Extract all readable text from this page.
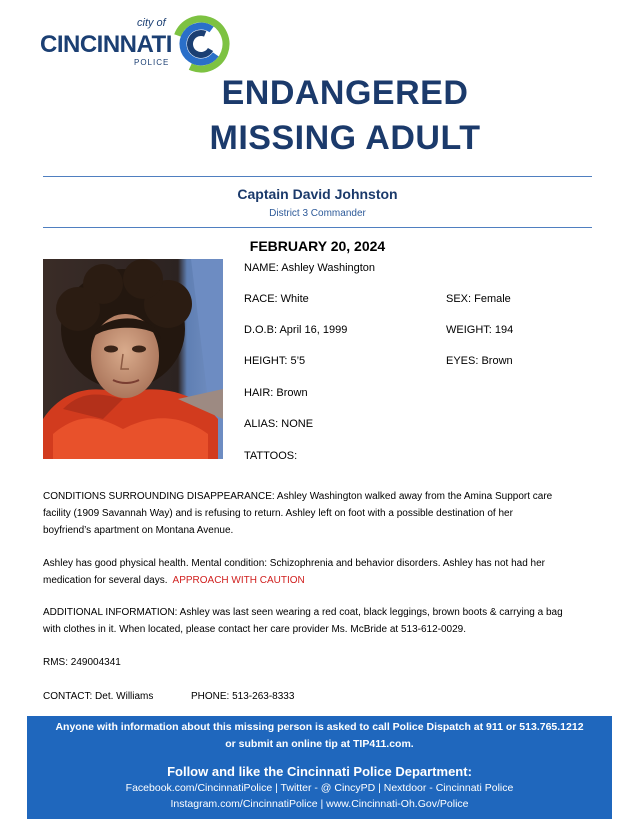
city of
CINCINNATI
POLICE
ENDANGERED
MISSING ADULT
Captain David Johnston
District 3 Commander
FEBRUARY 20, 2024
NAME: Ashley Washington
RACE: White	SEX: Female
D.O.B: April 16, 1999	WEIGHT: 194
HEIGHT: 5’5	EYES: Brown
HAIR: Brown
ALIAS: NONE
TATTOOS:
CONDITIONS SURROUNDING DISAPPEARANCE: Ashley Washington walked away from the Amina Support care
facility (1909 Savannah Way) and is refusing to return. Ashley left on foot with a possible destination of her
boyfriend’s apartment on Montana Avenue.
Ashley has good physical health. Mental condition: Schizophrenia and behavior disorders. Ashley has not had her
medication for several days. APPROACH WITH CAUTION
ADDITIONAL INFORMATION: Ashley was last seen wearing a red coat, black leggings, brown boots & carrying a bag
with clothes in it. When located, please contact her care provider Ms. McBride at 513-612-0029.
RMS: 249004341
CONTACT: Det. Williams	PHONE: 513-263-8333
Anyone with information about this missing person is asked to call Police Dispatch at 911 or 513.765.1212
or submit an online tip at TIP411.com.
Follow and like the Cincinnati Police Department:
Facebook.com/CincinnatiPolice | Twitter - @ CincyPD | Nextdoor - Cincinnati Police
Instagram.com/CincinnatiPolice | www.Cincinnati-Oh.Gov/Police
